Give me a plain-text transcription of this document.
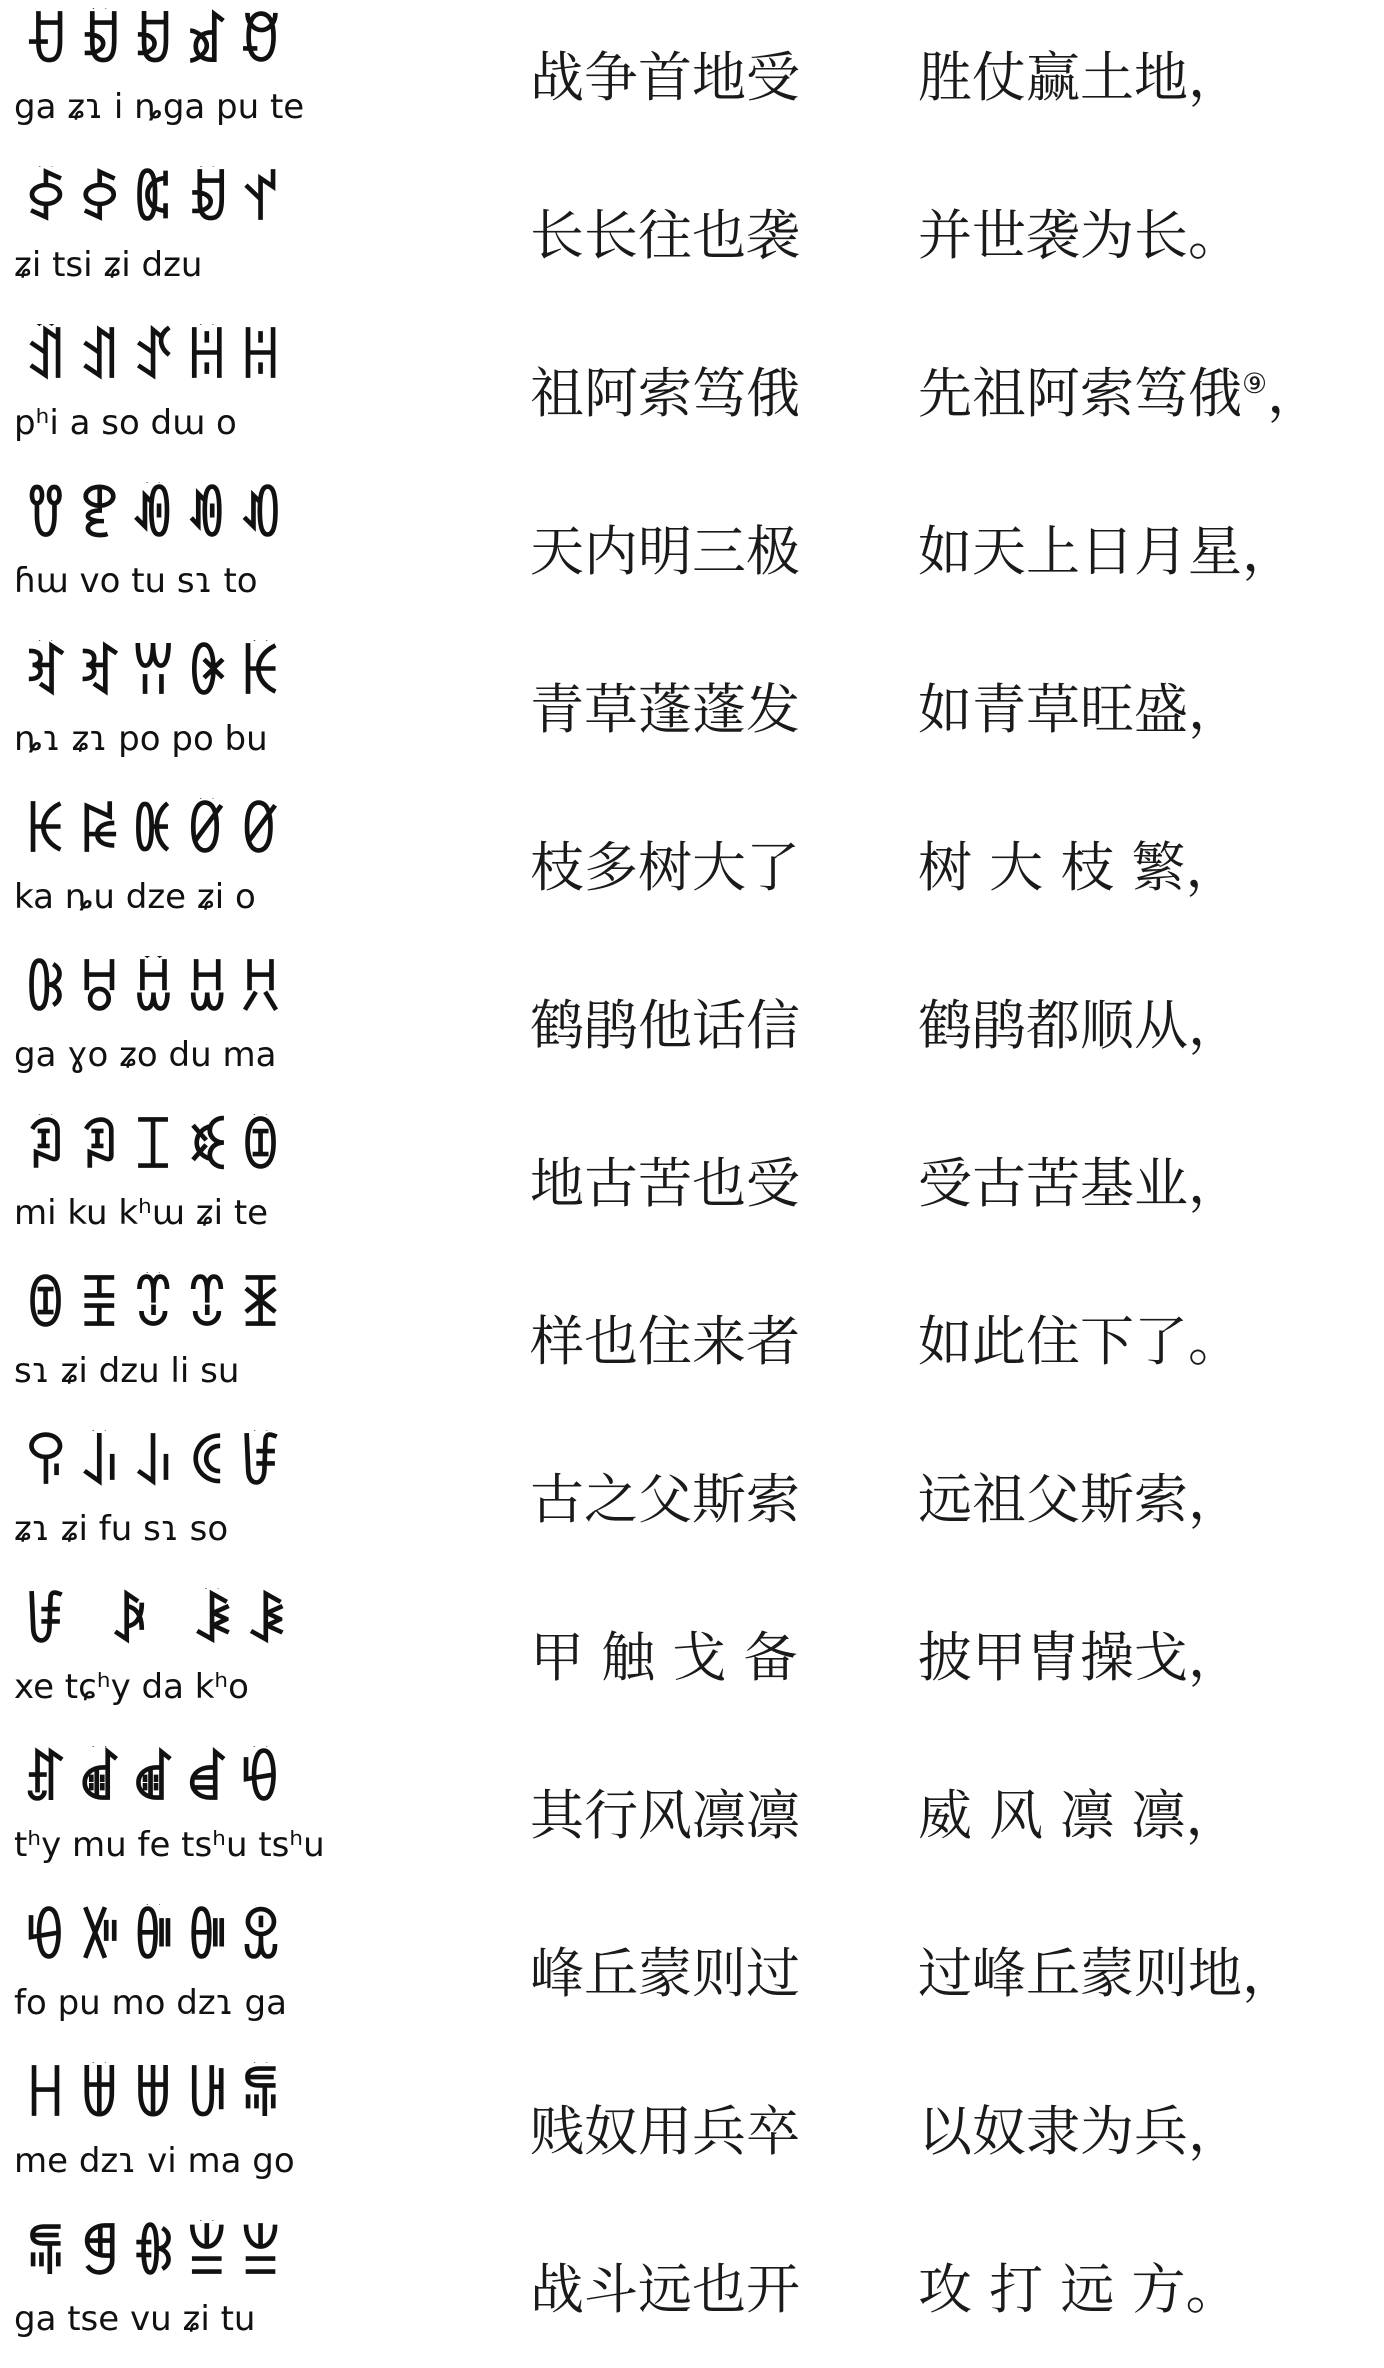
ꀀꀁꀂꀃꀄ
ga ʑɿ i ȵga pu te	战争首地受	胜仗赢土地，
ꀅꀆꀇꀁꀈ
ʑi tsi ʑi dzu	长长往也袭	并世袭为长。
ꀉꀊꀋꀌꀍ
pʰi a so dɯ o	祖阿索笃俄	先祖阿索笃俄⑨，
ꀎꀏꀐꀑꀒ
ɦɯ vo tu sɿ to	天内明三极	如天上日月星，
ꀓꀔꀕꀖꀗ
ȵɿ ʑɿ po po bu	青草蓬蓬发	如青草旺盛，
ꀘꀙꀚꀛꀜ
ka ȵu dze ʑi o	枝多树大了	树 大 枝 繁，
ꀝꀞꀟꀠꀡ
ga ɣo ʑo du ma	鹤鹃他话信	鹤鹃都顺从，
ꀢꀣꀤꀥꀦ
mi ku kʰɯ ʑi te	地古苦也受	受古苦基业，
ꀧꀨꀩꀪꀫ
sɿ ʑi dzu li su	样也住来者	如此住下了。
ꀬꀭꀮꀯꀰ
ʑɿ ʑi fu sɿ so	古之父斯索	远祖父斯索，
ꀱ ꀲ ꀳꀴ
xe tɕʰy da kʰo	甲 触 戈 备	披甲胄操戈，
ꀵꀶꀷꀸꀹ
tʰy mu fe tsʰu tsʰu	其行风凛凛	威 风 凛 凛，
ꀺꀻꀼꀽꀾ
fo pu mo dzɿ ga	峰丘蒙则过	过峰丘蒙则地，
ꀿꁀꁁꁂꁃ
me dzɿ vi ma go	贱奴用兵卒	以奴隶为兵，
ꁄꁅꁆꁇꁈ
ga tse vu ʑi tu	战斗远也开	攻 打 远 方。
